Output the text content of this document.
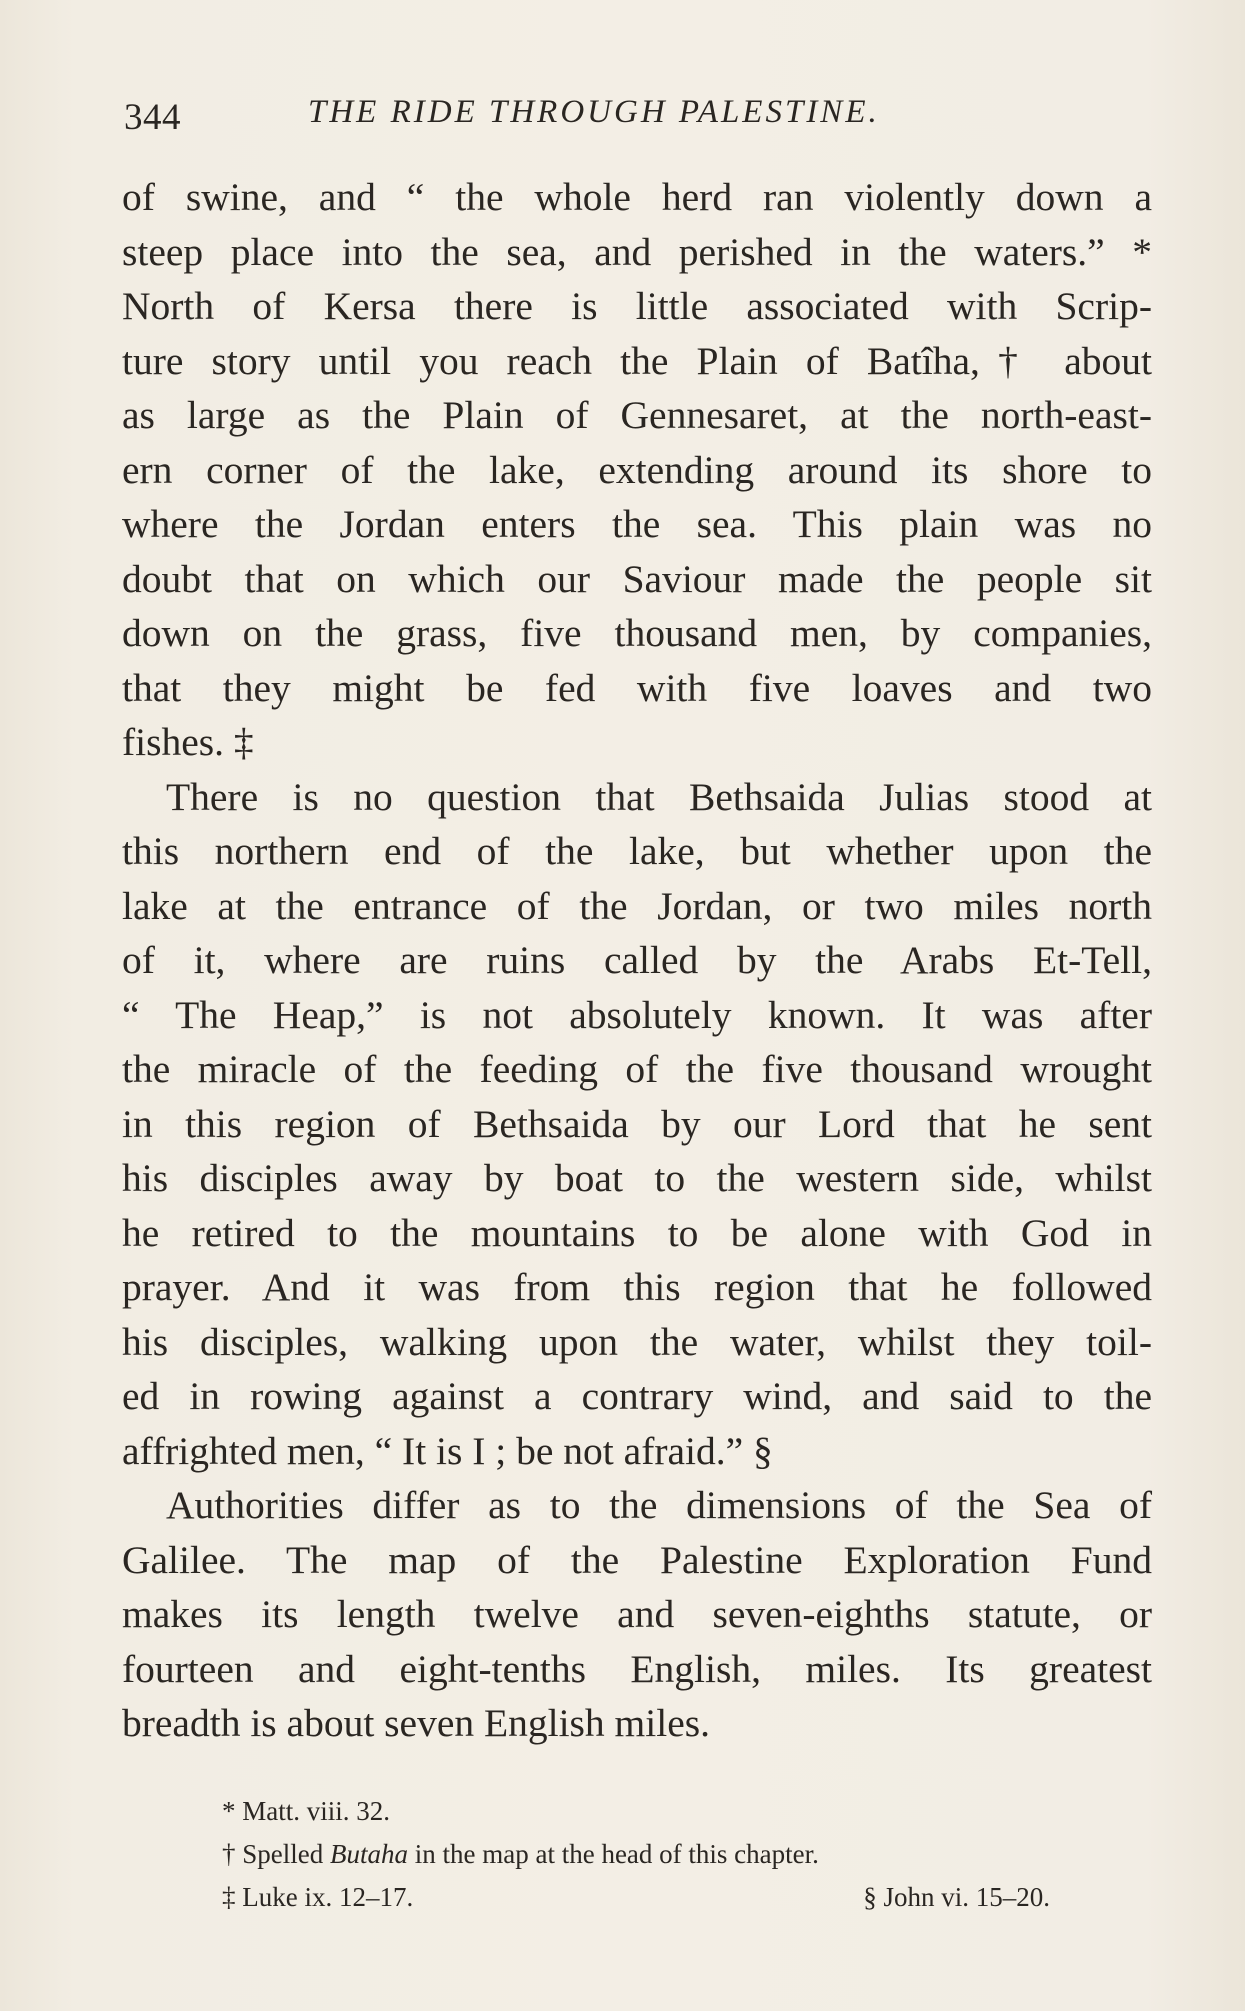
344	THE RIDE THROUGH PALESTINE.
of swine, and “ the whole herd ran violently down a
steep place into the sea, and perished in the waters.” *
North of Kersa there is little associated with Scrip-
ture story until you reach the Plain of Batîha,† about
as large as the Plain of Gennesaret, at the north-east-
ern corner of the lake, extending around its shore to
where the Jordan enters the sea. This plain was no
doubt that on which our Saviour made the people sit
down on the grass, five thousand men, by companies,
that they might be fed with five loaves and two
fishes. ‡
There is no question that Bethsaida Julias stood at
this northern end of the lake, but whether upon the
lake at the entrance of the Jordan, or two miles north
of it, where are ruins called by the Arabs Et-Tell,
“ The Heap,” is not absolutely known. It was after
the miracle of the feeding of the five thousand wrought
in this region of Bethsaida by our Lord that he sent
his disciples away by boat to the western side, whilst
he retired to the mountains to be alone with God in
prayer. And it was from this region that he followed
his disciples, walking upon the water, whilst they toil-
ed in rowing against a contrary wind, and said to the
affrighted men, “ It is I ; be not afraid.” §
Authorities differ as to the dimensions of the Sea of
Galilee. The map of the Palestine Exploration Fund
makes its length twelve and seven-eighths statute, or
fourteen and eight-tenths English, miles. Its greatest
breadth is about seven English miles.
* Matt. viii. 32.
† Spelled Butaha in the map at the head of this chapter.
‡ Luke ix. 12–17.	§ John vi. 15–20.
